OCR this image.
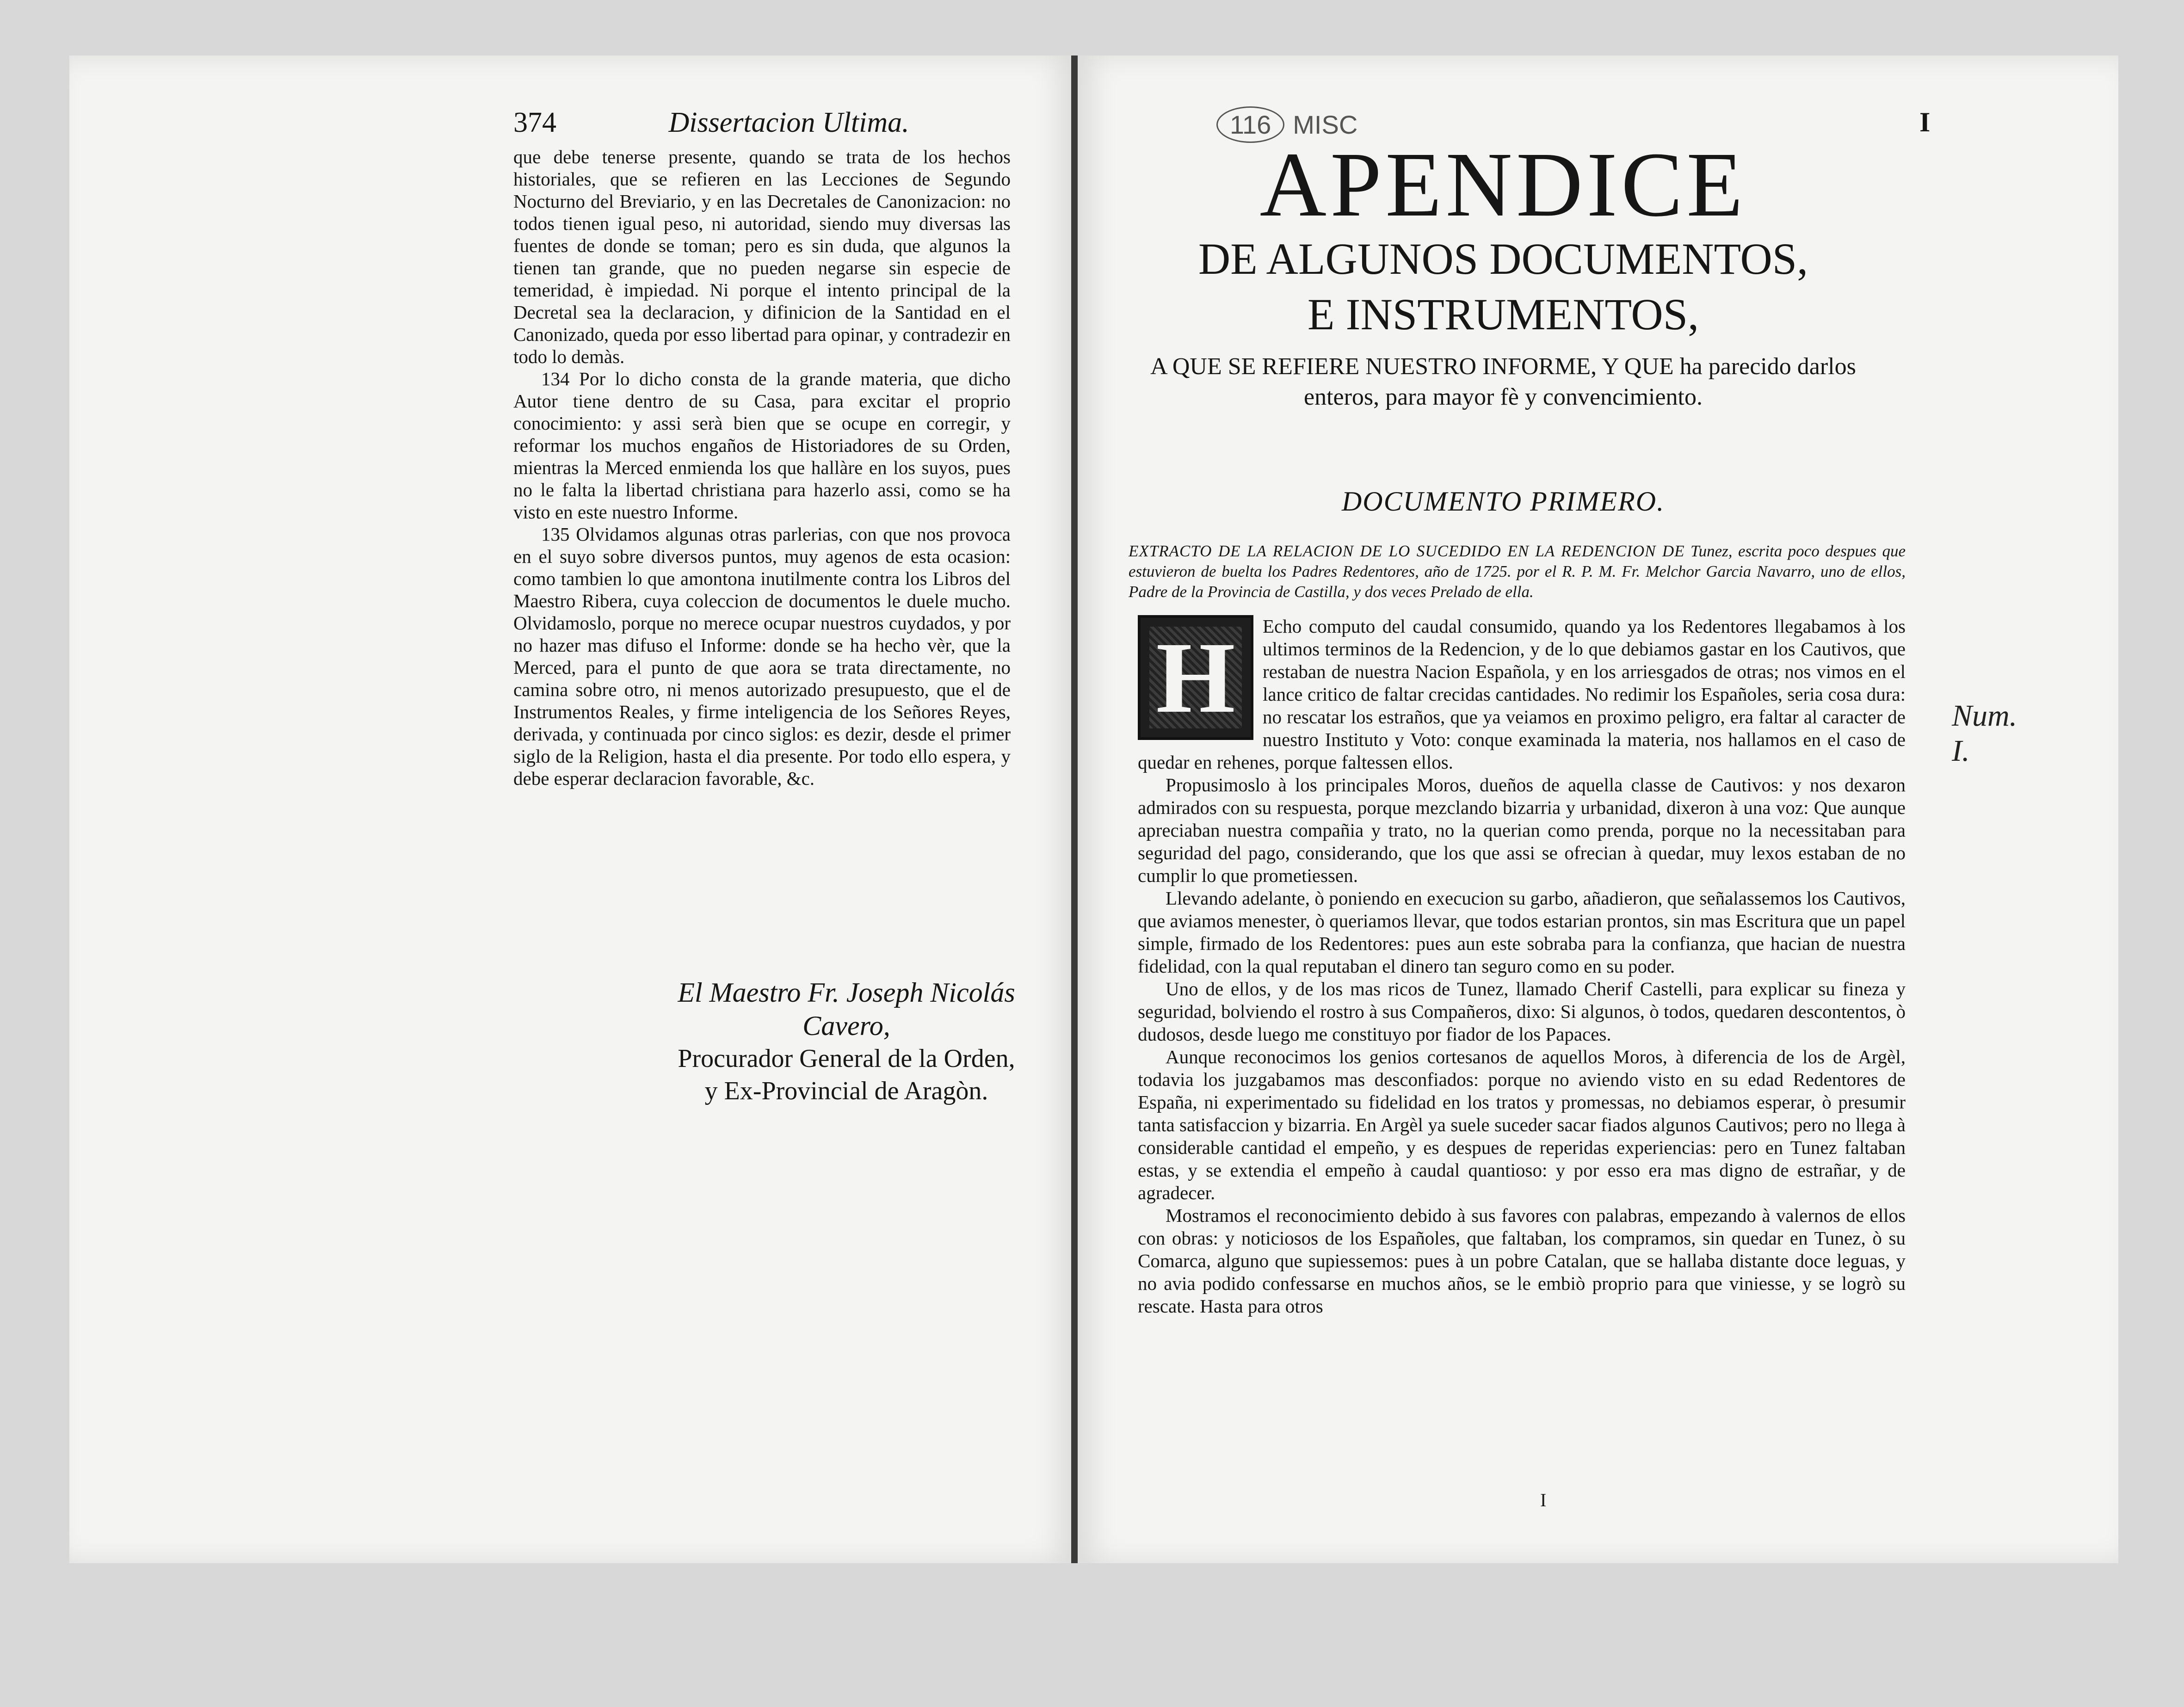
374	Dissertacion Ultima.

que debe tenerse presente, quando se trata de los hechos historiales, que se refieren en las Lecciones de Segundo Nocturno del Breviario, y en las Decretales de Canonizacion: no todos tienen igual peso, ni autoridad, siendo muy diversas las fuentes de donde se toman; pero es sin duda, que algunos la tienen tan grande, que no pueden negarse sin especie de temeridad, è impiedad. Ni porque el intento principal de la Decretal sea la declaracion, y difinicion de la Santidad en el Canonizado, queda por esso libertad para opinar, y contradezir en todo lo demàs.

134 Por lo dicho consta de la grande materia, que dicho Autor tiene dentro de su Casa, para excitar el proprio conocimiento: y assi serà bien que se ocupe en corregir, y reformar los muchos engaños de Historiadores de su Orden, mientras la Merced enmienda los que hallàre en los suyos, pues no le falta la libertad christiana para hazerlo assi, como se ha visto en este nuestro Informe.

135 Olvidamos algunas otras parlerias, con que nos provoca en el suyo sobre diversos puntos, muy agenos de esta ocasion: como tambien lo que amontona inutilmente contra los Libros del Maestro Ribera, cuya coleccion de documentos le duele mucho. Olvidamoslo, porque no merece ocupar nuestros cuydados, y por no hazer mas difuso el Informe: donde se ha hecho vèr, que la Merced, para el punto de que aora se trata directamente, no camina sobre otro, ni menos autorizado presupuesto, que el de Instrumentos Reales, y firme inteligencia de los Señores Reyes, derivada, y continuada por cinco siglos: es dezir, desde el primer siglo de la Religion, hasta el dia presente. Por todo ello espera, y debe esperar declaracion favorable, &c.

El Maestro Fr. Joseph Nicolás
Cavero,
Procurador General de la Orden,
y Ex-Provincial de Aragòn.
116 MISC	I
APENDICE
DE ALGUNOS DOCUMENTOS,
E INSTRUMENTOS,
A QUE SE REFIERE NUESTRO INFORME, Y QUE ha parecido darlos enteros, para mayor fè y convencimiento.
DOCUMENTO PRIMERO.
EXTRACTO DE LA RELACION DE LO SUCEDIDO EN LA REDENCION DE Tunez, escrita poco despues que estuvieron de buelta los Padres Redentores, año de 1725. por el R. P. M. Fr. Melchor Garcia Navarro, uno de ellos, Padre de la Provincia de Castilla, y dos veces Prelado de ella.
H	Echo computo del caudal consumido, quando ya los Redentores llegabamos à los ultimos terminos de la Redencion, y de lo que debiamos gastar en los Cautivos, que restaban de nuestra Nacion Española, y en los arriesgados de otras; nos vimos en el lance critico de faltar crecidas cantidades. No redimir los Españoles, seria cosa dura: no rescatar los estraños, que ya veiamos en proximo peligro, era faltar al caracter de nuestro Instituto y Voto: conque examinada la materia, nos hallamos en el caso de quedar en rehenes, porque faltessen ellos.

Propusimoslo à los principales Moros, dueños de aquella classe de Cautivos: y nos dexaron admirados con su respuesta, porque mezclando bizarria y urbanidad, dixeron à una voz: Que aunque apreciaban nuestra compañia y trato, no la querian como prenda, porque no la necessitaban para seguridad del pago, considerando, que los que assi se ofrecian à quedar, muy lexos estaban de no cumplir lo que prometiessen.

Llevando adelante, ò poniendo en execucion su garbo, añadieron, que señalassemos los Cautivos, que aviamos menester, ò queriamos llevar, que todos estarian prontos, sin mas Escritura que un papel simple, firmado de los Redentores: pues aun este sobraba para la confianza, que hacian de nuestra fidelidad, con la qual reputaban el dinero tan seguro como en su poder.

Uno de ellos, y de los mas ricos de Tunez, llamado Cherif Castelli, para explicar su fineza y seguridad, bolviendo el rostro à sus Compañeros, dixo: Si algunos, ò todos, quedaren descontentos, ò dudosos, desde luego me constituyo por fiador de los Papaces.

Aunque reconocimos los genios cortesanos de aquellos Moros, à diferencia de los de Argèl, todavia los juzgabamos mas desconfiados: porque no aviendo visto en su edad Redentores de España, ni experimentado su fidelidad en los tratos y promessas, no debiamos esperar, ò presumir tanta satisfaccion y bizarria. En Argèl ya suele suceder sacar fiados algunos Cautivos; pero no llega à considerable cantidad el empeño, y es despues de reperidas experiencias: pero en Tunez faltaban estas, y se extendia el empeño à caudal quantioso: y por esso era mas digno de estrañar, y de agradecer.

Mostramos el reconocimiento debido à sus favores con palabras, empezando à valernos de ellos con obras: y noticiosos de los Españoles, que faltaban, los compramos, sin quedar en Tunez, ò su Comarca, alguno que supiessemos: pues à un pobre Catalan, que se hallaba distante doce leguas, y no avia podido confessarse en muchos años, se le embiò proprio para que viniesse, y se logrò su rescate. Hasta para otros

Num.
I.
I
